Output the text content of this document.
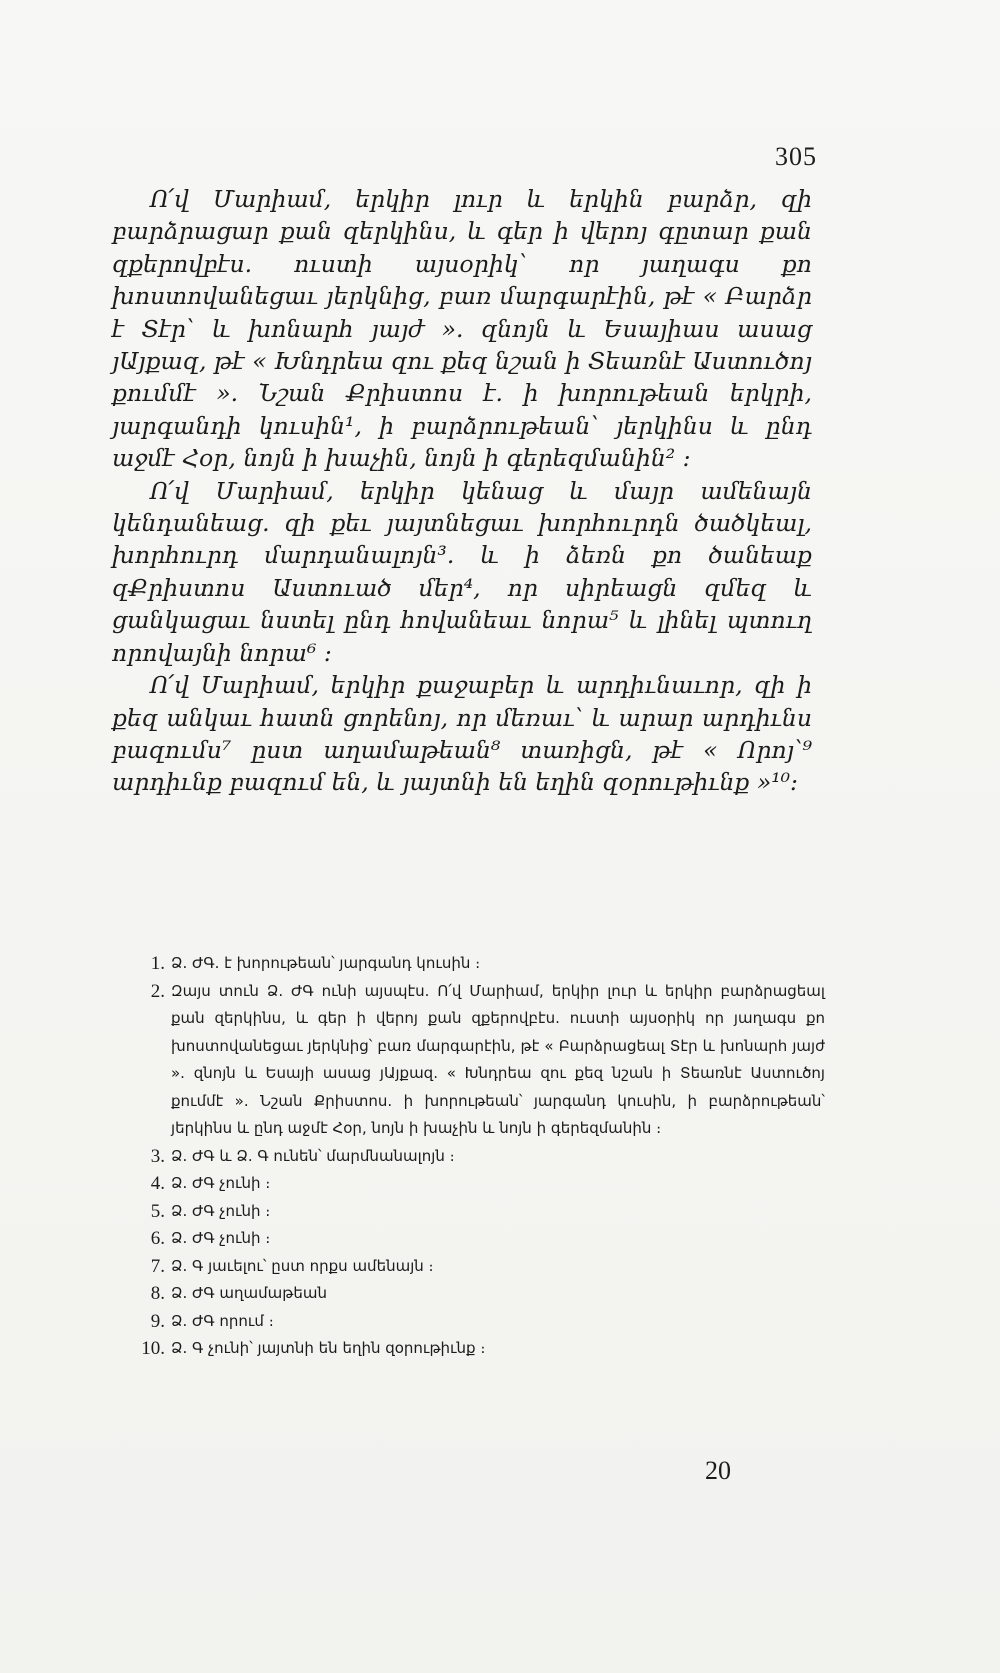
305

Ո՛վ Մարիամ, երկիր լուր և երկին բարձր, զի բարձրացար քան զերկինս, և գեր ի վերոյ գըտար քան զքերովբէս. ուստի այսօրիկ՝ որ յաղագս քո խոստովանեցաւ յերկնից, բառ մարգարէին, թէ « Բարձր է Տէր՝ և խոնարհ յայժ ». զնոյն և Եսայիաս ասաց յԱյքազ, թէ « Խնդրեա զու քեզ նշան ի Տեառնէ Աստուծոյ քումմէ ». Նշան Քրիստոս է. ի խորութեան երկրի, յարգանդի կուսին¹, ի բարձրութեան՝ յերկինս և ընդ աջմէ Հօր, նոյն ի խաչին, նոյն ի գերեզմանին² ։

Ո՛վ Մարիամ, երկիր կենաց և մայր ամենայն կենդանեաց. զի քեւ յայտնեցաւ խորհուրդն ծածկեալ, խորհուրդ մարդանալոյն³. և ի ձեռն քո ծանեաք զՔրիստոս Աստուած մեր⁴, որ սիրեացն զմեզ և ցանկացաւ նստել ընդ հովանեաւ նորա⁵ և լինել պտուղ որովայնի նորա⁶ ։

Ո՛վ Մարիամ, երկիր քաջաբեր և արդիւնաւոր, զի ի քեզ անկաւ հատն ցորենոյ, որ մեռաւ՝ և արար արդիւնս բազումս⁷ ըստ աղամաթեան⁸ տառիցն, թէ « Որոյ՝⁹ արդիւնք բազում են, և յայտնի են եղին զօրութիւնք »¹⁰։

1. Ձ. ԺԳ. է խորութեան՝ յարգանդ կուսին ։
2. Զայս տուն Ձ. ԺԳ ունի այսպէս. Ո՛վ Մարիամ, երկիր լուր և երկիր բարձրացեալ քան զերկինս, և գեր ի վերոյ քան զքերովբէս. ուստի այսօրիկ որ յաղագս քո խոստովանեցաւ յերկնից՝ բառ մարգարէին, թէ « Բարձրացեալ Տէր և խոնարհ յայժ ». զնոյն և Եսայի ասաց յԱյքազ. « Խնդրեա զու քեզ նշան ի Տեառնէ Աստուծոյ քումմէ ». Նշան Քրիստոս. ի խորութեան՝ յարգանդ կուսին, ի բարձրութեան՝ յերկինս և ընդ աջմէ Հօր, նոյն ի խաչին և նոյն ի գերեզմանին ։
3. Ձ. ԺԳ և Ձ. Գ ունեն՝ մարմնանալոյն ։
4. Ձ. ԺԳ չունի ։
5. Ձ. ԺԳ չունի ։
6. Ձ. ԺԳ չունի ։
7. Ձ. Գ յաւելու՝ ըստ որքս ամենայն ։
8. Ձ. ԺԳ աղամաթեան
9. Ձ. ԺԳ որում ։
10. Ձ. Գ չունի՝ յայտնի են եղին զօրութիւնք ։
20
